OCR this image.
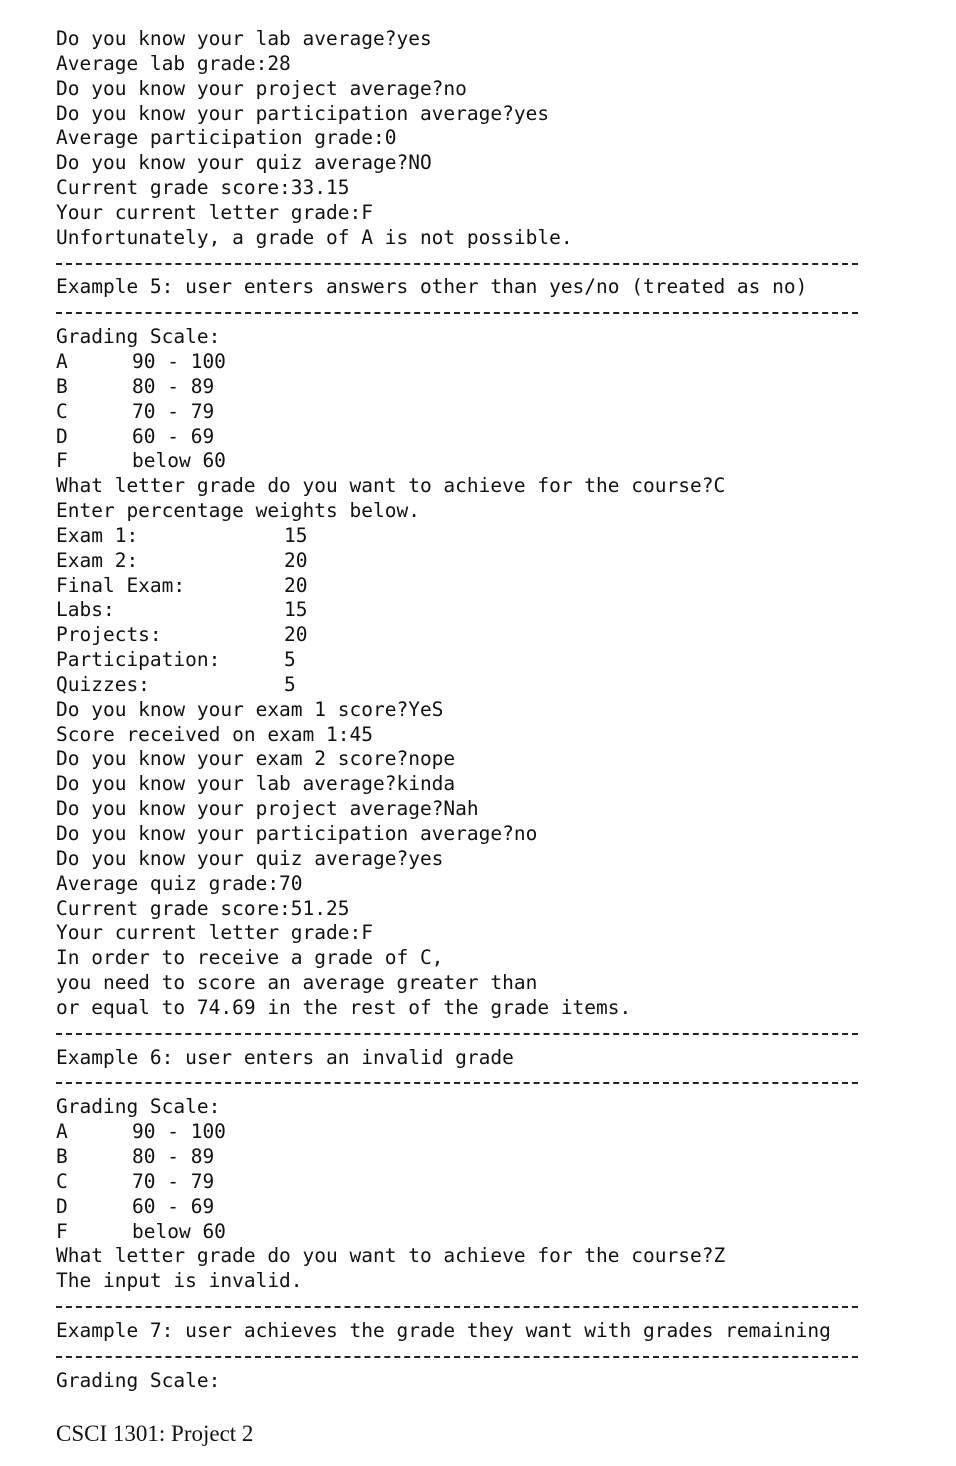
Do you know your lab average?yes
Average lab grade:28
Do you know your project average?no
Do you know your participation average?yes
Average participation grade:0
Do you know your quiz average?NO
Current grade score:33.15
Your current letter grade:F
Unfortunately, a grade of A is not possible.
Example 5: user enters answers other than yes/no (treated as no)
Grading Scale:
A	90 - 100
B	80 - 89
C	70 - 79
D	60 - 69
F	below 60
What letter grade do you want to achieve for the course?C
Enter percentage weights below.
Exam 1:	15
Exam 2:	20
Final Exam:	20
Labs:	15
Projects:	20
Participation:	5
Quizzes:	5
Do you know your exam 1 score?YeS
Score received on exam 1:45
Do you know your exam 2 score?nope
Do you know your lab average?kinda
Do you know your project average?Nah
Do you know your participation average?no
Do you know your quiz average?yes
Average quiz grade:70
Current grade score:51.25
Your current letter grade:F
In order to receive a grade of C,
you need to score an average greater than
or equal to 74.69 in the rest of the grade items.
Example 6: user enters an invalid grade
Grading Scale:
A	90 - 100
B	80 - 89
C	70 - 79
D	60 - 69
F	below 60
What letter grade do you want to achieve for the course?Z
The input is invalid.
Example 7: user achieves the grade they want with grades remaining
Grading Scale:
CSCI 1301: Project 2
